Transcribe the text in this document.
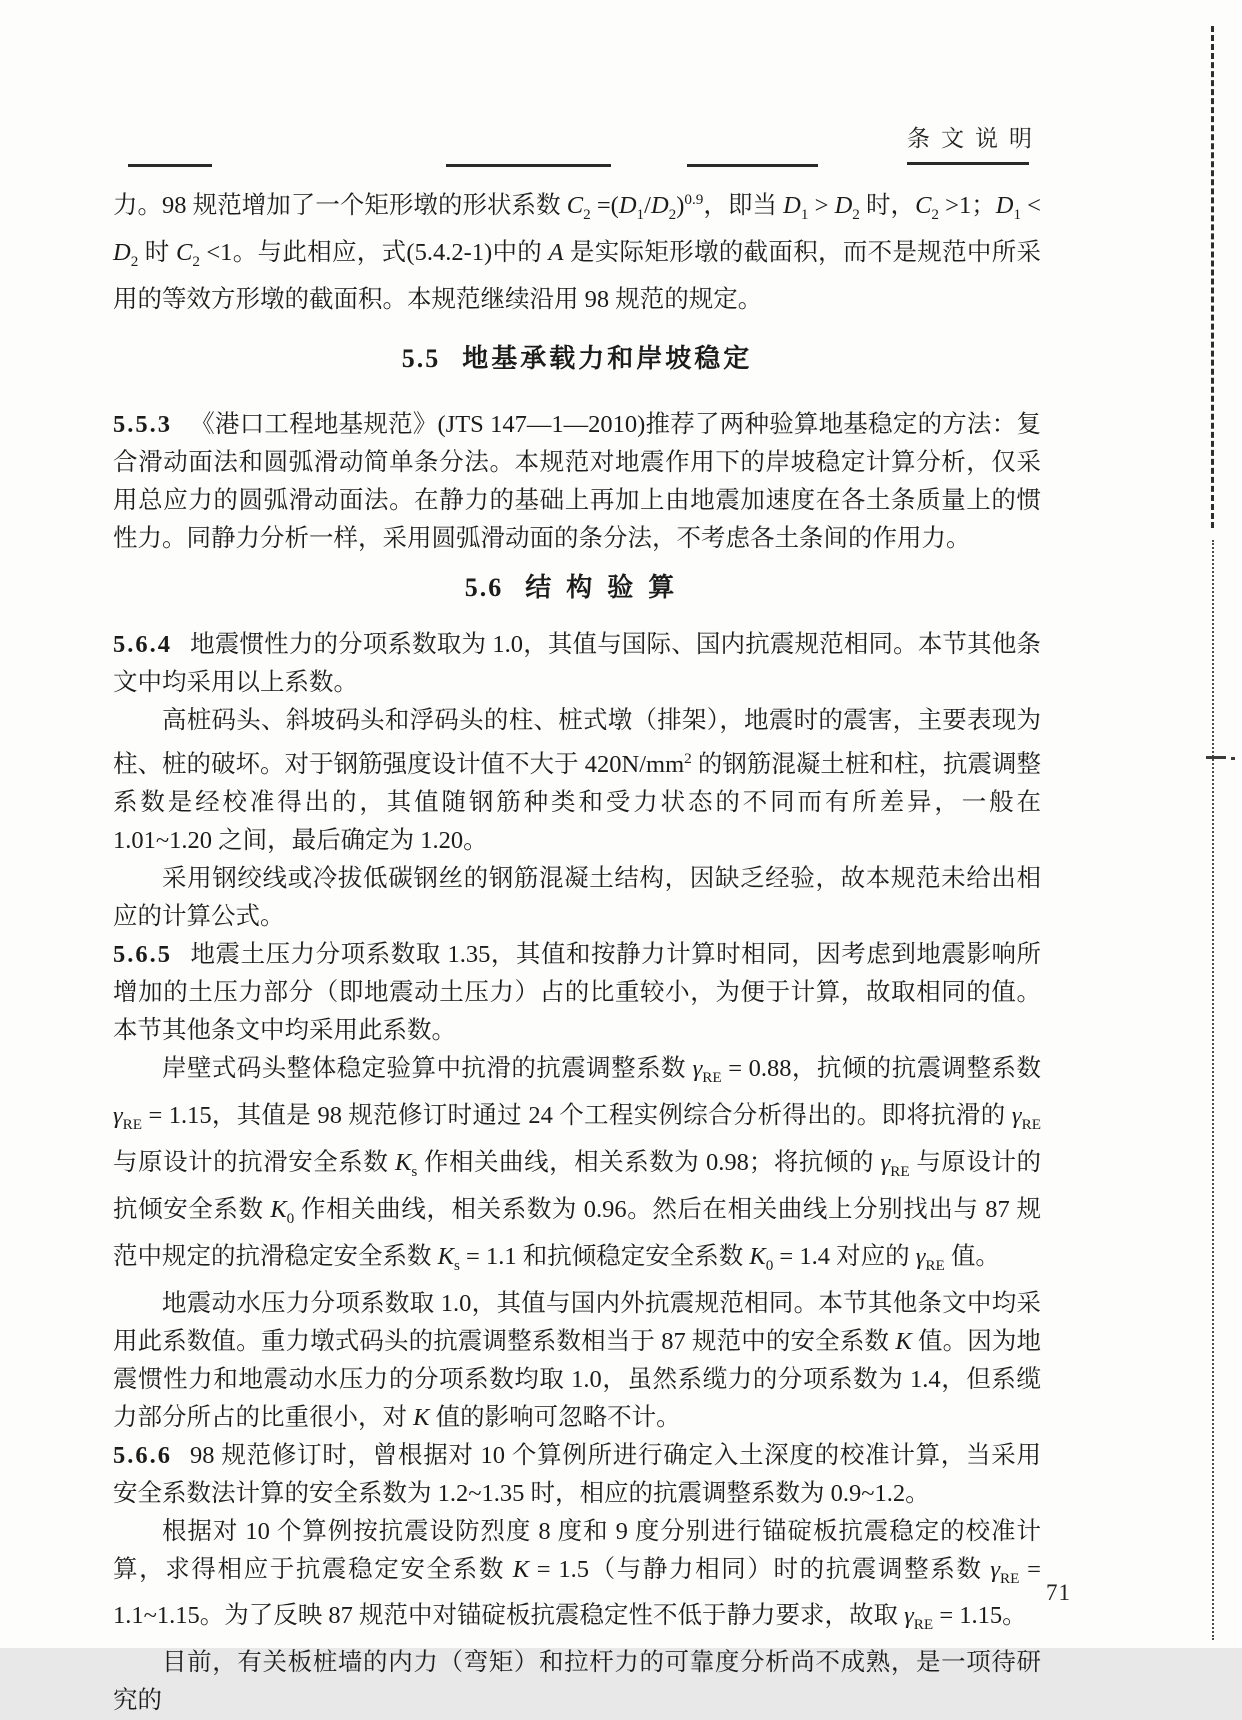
条文说明

力。98 规范增加了一个矩形墩的形状系数 $C_2 =(D_1/D_2)^{0.9}$，即当 $D_1 > D_2$ 时，$C_2 >1$；$D_1 < D_2$ 时 $C_2 <1$。与此相应，式(5.4.2-1)中的 A 是实际矩形墩的截面积，而不是规范中所采用的等效方形墩的截面积。本规范继续沿用 98 规范的规定。

5.5 地基承载力和岸坡稳定

5.5.3 《港口工程地基规范》(JTS 147—1—2010)推荐了两种验算地基稳定的方法：复合滑动面法和圆弧滑动简单条分法。本规范对地震作用下的岸坡稳定计算分析，仅采用总应力的圆弧滑动面法。在静力的基础上再加上由地震加速度在各土条质量上的惯性力。同静力分析一样，采用圆弧滑动面的条分法，不考虑各土条间的作用力。

5.6 结构验算

5.6.4 地震惯性力的分项系数取为 1.0，其值与国际、国内抗震规范相同。本节其他条文中均采用以上系数。

高桩码头、斜坡码头和浮码头的柱、桩式墩（排架），地震时的震害，主要表现为柱、桩的破坏。对于钢筋强度设计值不大于 $420N/mm^2$ 的钢筋混凝土桩和柱，抗震调整系数是经校准得出的，其值随钢筋种类和受力状态的不同而有所差异，一般在 1.01~1.20 之间，最后确定为 1.20。

采用钢绞线或冷拔低碳钢丝的钢筋混凝土结构，因缺乏经验，故本规范未给出相应的计算公式。

5.6.5 地震土压力分项系数取 1.35，其值和按静力计算时相同，因考虑到地震影响所增加的土压力部分（即地震动土压力）占的比重较小，为便于计算，故取相同的值。本节其他条文中均采用此系数。

岸壁式码头整体稳定验算中抗滑的抗震调整系数 $\gamma_{RE} = 0.88$，抗倾的抗震调整系数 $\gamma_{RE} = 1.15$，其值是 98 规范修订时通过 24 个工程实例综合分析得出的。即将抗滑的 $\gamma_{RE}$ 与原设计的抗滑安全系数 $K_s$ 作相关曲线，相关系数为 0.98；将抗倾的 $\gamma_{RE}$ 与原设计的抗倾安全系数 $K_0$ 作相关曲线，相关系数为 0.96。然后在相关曲线上分别找出与 87 规范中规定的抗滑稳定安全系数 $K_s = 1.1$ 和抗倾稳定安全系数 $K_0 = 1.4$ 对应的 $\gamma_{RE}$ 值。

地震动水压力分项系数取 1.0，其值与国内外抗震规范相同。本节其他条文中均采用此系数值。重力墩式码头的抗震调整系数相当于 87 规范中的安全系数 K 值。因为地震惯性力和地震动水压力的分项系数均取 1.0，虽然系缆力的分项系数为 1.4，但系缆力部分所占的比重很小，对 K 值的影响可忽略不计。

5.6.6 98 规范修订时，曾根据对 10 个算例所进行确定入土深度的校准计算，当采用安全系数法计算的安全系数为 1.2~1.35 时，相应的抗震调整系数为 0.9~1.2。

根据对 10 个算例按抗震设防烈度 8 度和 9 度分别进行锚碇板抗震稳定的校准计算，求得相应于抗震稳定安全系数 K = 1.5（与静力相同）时的抗震调整系数 $\gamma_{RE}$ = 1.1~1.15。为了反映 87 规范中对锚碇板抗震稳定性不低于静力要求，故取 $\gamma_{RE} = 1.15$。

目前，有关板桩墙的内力（弯矩）和拉杆力的可靠度分析尚不成熟，是一项待研究的

71
